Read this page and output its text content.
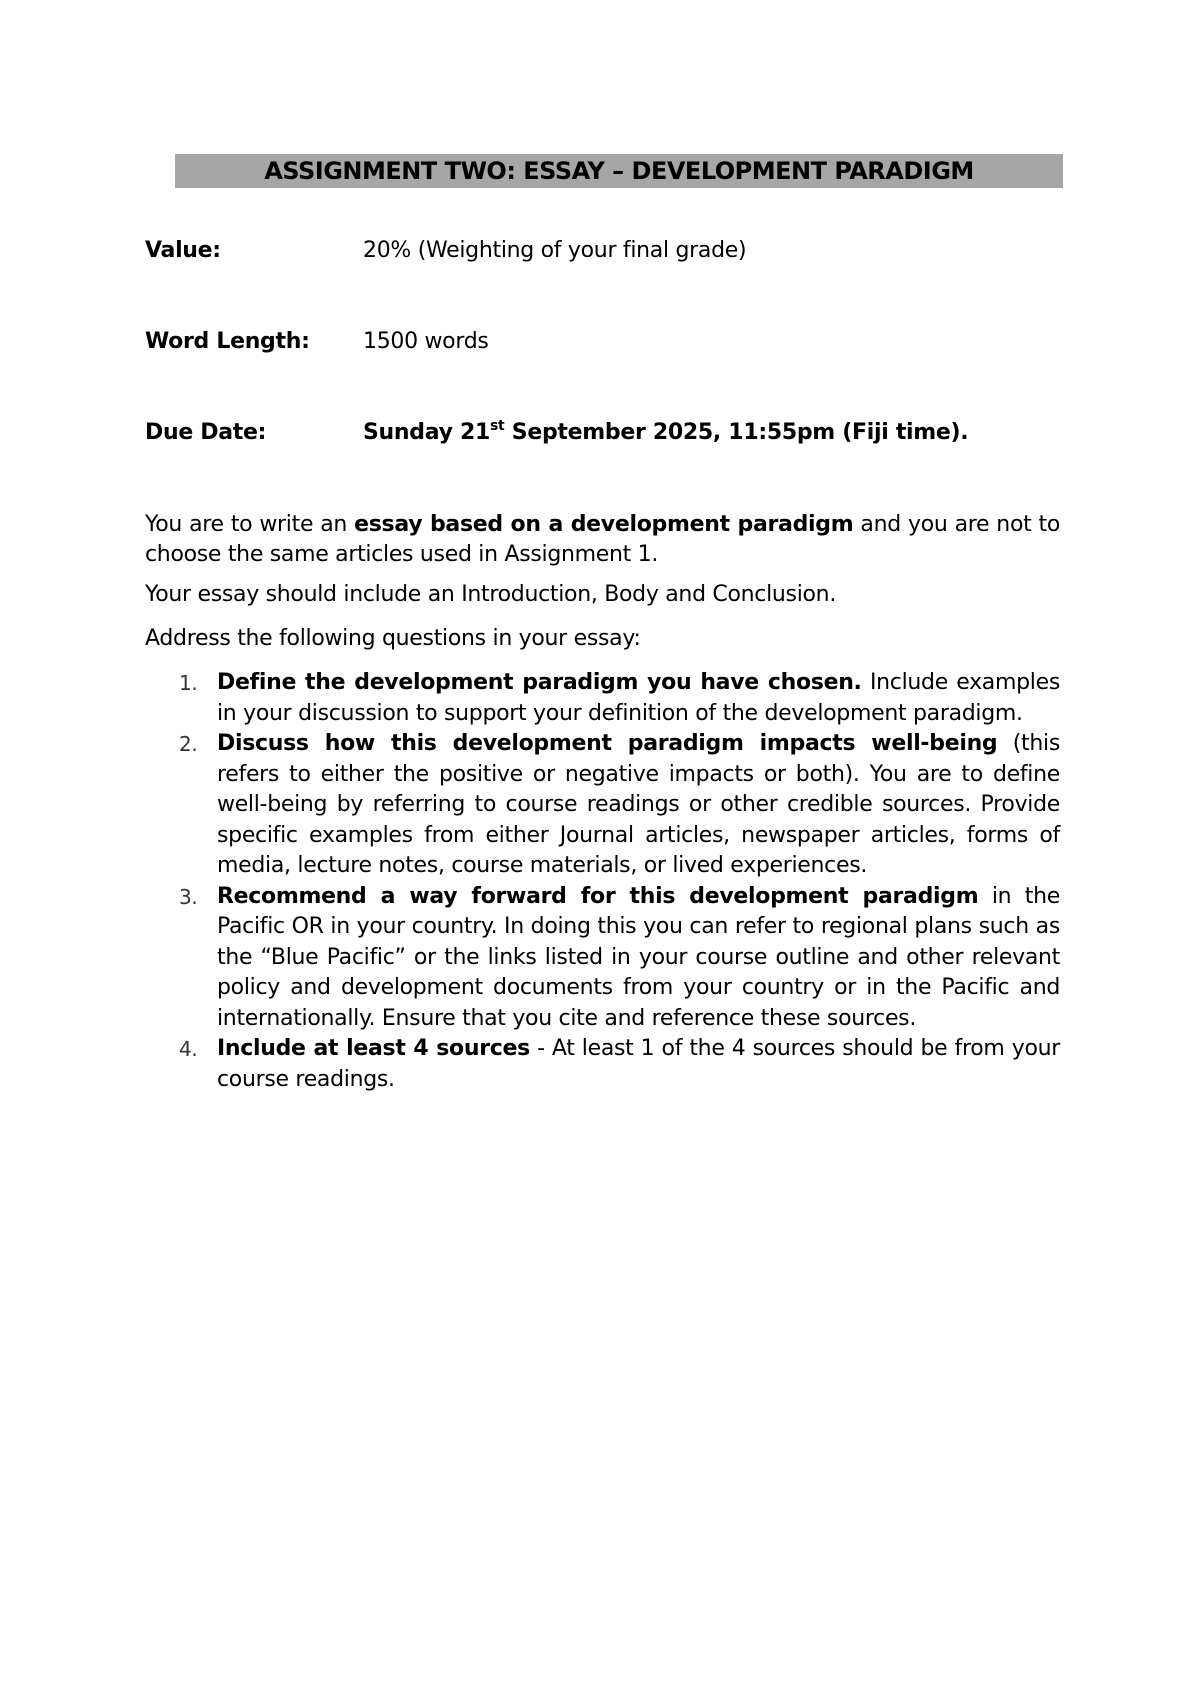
ASSIGNMENT TWO: ESSAY – DEVELOPMENT PARADIGM
Value:	20% (Weighting of your final grade)
Word Length: 1500 words
Due Date:	Sunday 21st September 2025, 11:55pm (Fiji time).

You are to write an essay based on a development paradigm and you are not to choose the same articles used in Assignment 1.

Your essay should include an Introduction, Body and Conclusion.

Address the following questions in your essay:

1. Define the development paradigm you have chosen. Include examples in your discussion to support your definition of the development paradigm.
2. Discuss how this development paradigm impacts well-being (this refers to either the positive or negative impacts or both). You are to define well-being by referring to course readings or other credible sources. Provide specific examples from either Journal articles, newspaper articles, forms of media, lecture notes, course materials, or lived experiences.
3. Recommend a way forward for this development paradigm in the Pacific OR in your country. In doing this you can refer to regional plans such as the “Blue Pacific” or the links listed in your course outline and other relevant policy and development documents from your country or in the Pacific and internationally. Ensure that you cite and reference these sources.
4. Include at least 4 sources - At least 1 of the 4 sources should be from your course readings.
